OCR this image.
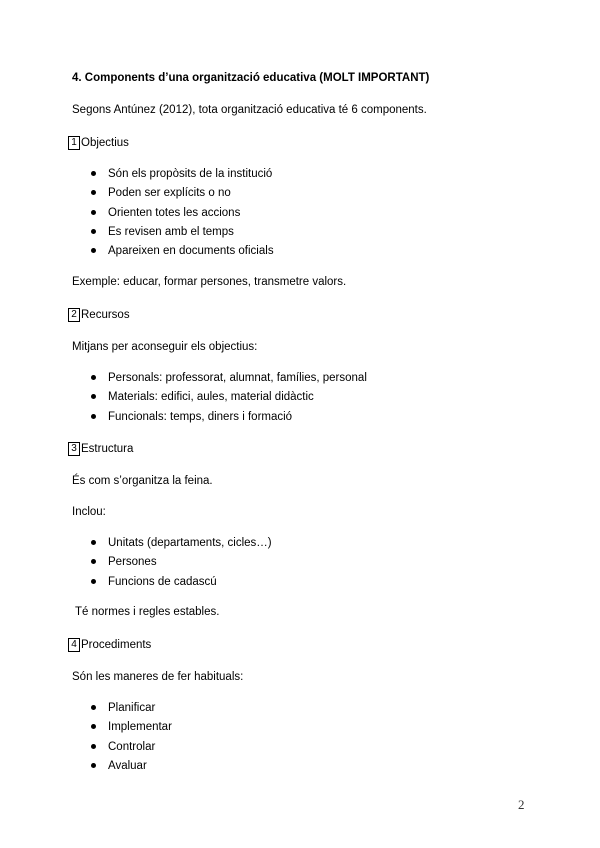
4. Components d’una organització educativa (MOLT IMPORTANT)
Segons Antúnez (2012), tota organització educativa té 6 components.
1 Objectius
Són els propòsits de la institució
Poden ser explícits o no
Orienten totes les accions
Es revisen amb el temps
Apareixen en documents oficials
Exemple: educar, formar persones, transmetre valors.
2 Recursos
Mitjans per aconseguir els objectius:
Personals: professorat, alumnat, famílies, personal
Materials: edifici, aules, material didàctic
Funcionals: temps, diners i formació
3 Estructura
És com s’organitza la feina.
Inclou:
Unitats (departaments, cicles…)
Persones
Funcions de cadascú
Té normes i regles estables.
4 Procediments
Són les maneres de fer habituals:
Planificar
Implementar
Controlar
Avaluar
2
